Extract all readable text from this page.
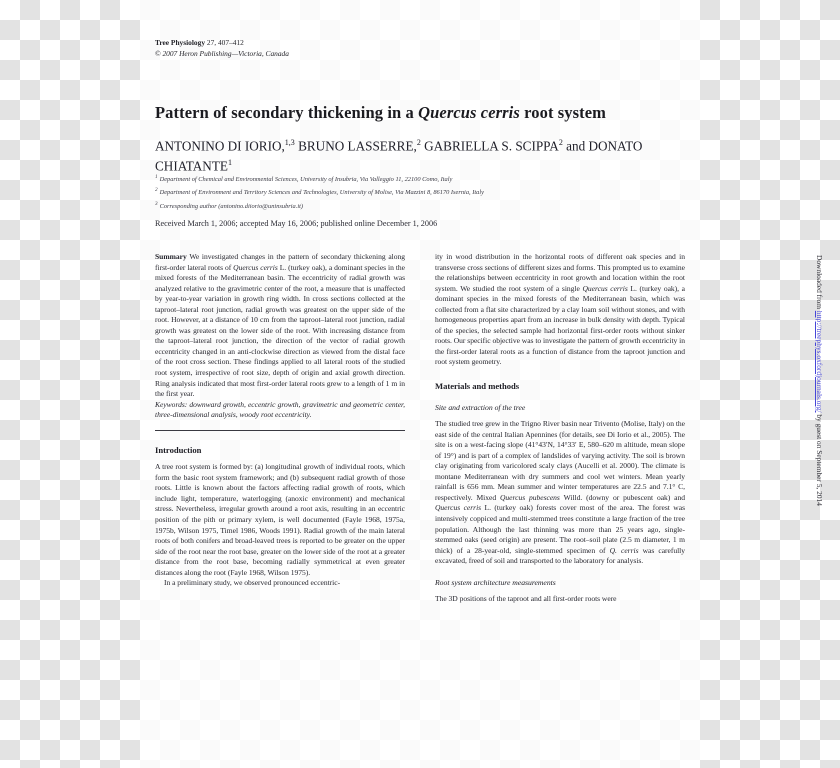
Tree Physiology 27, 407–412
© 2007 Heron Publishing—Victoria, Canada
Pattern of secondary thickening in a Quercus cerris root system
ANTONINO DI IORIO,$^{1,3}$ BRUNO LASSERRE,$^2$ GABRIELLA S. SCIPPA$^2$ and DONATO CHIATANTE$^1$
$^1$ Department of Chemical and Environmental Sciences, University of Insubria, Via Valleggio 11, 22100 Como, Italy
$^2$ Department of Environment and Territory Sciences and Technologies, University of Molise, Via Mazzini 8, 86170 Isernia, Italy
$^3$ Corresponding author (antonino.diiorio@uninsubria.it)
Received March 1, 2006; accepted May 16, 2006; published online December 1, 2006

Summary We investigated changes in the pattern of secondary thickening along first-order lateral roots of Quercus cerris L. (turkey oak), a dominant species in the mixed forests of the Mediterranean basin. The eccentricity of radial growth was analyzed relative to the gravimetric center of the root, a measure that is unaffected by year-to-year variation in growth ring width. In cross sections collected at the taproot–lateral root junction, radial growth was greatest on the upper side of the root. However, at a distance of 10 cm from the taproot–lateral root junction, radial growth was greatest on the lower side of the root. With increasing distance from the taproot–lateral root junction, the direction of the vector of radial growth eccentricity changed in an anti-clockwise direction as viewed from the distal face of the root cross section. These findings applied to all lateral roots of the studied root system, irrespective of root size, depth of origin and axial growth direction. Ring analysis indicated that most first-order lateral roots grew to a length of 1 m in the first year.

Keywords: downward growth, eccentric growth, gravimetric and geometric center, three-dimensional analysis, woody root eccentricity.

Introduction

A tree root system is formed by: (a) longitudinal growth of individual roots, which form the basic root system framework; and (b) subsequent radial growth of those roots. Little is known about the factors affecting radial growth of roots, which include light, temperature, waterlogging (anoxic environment) and mechanical stress. Nevertheless, irregular growth around a root axis, resulting in an eccentric position of the pith or primary xylem, is well documented (Fayle 1968, 1975a, 1975b, Wilson 1975, Timel 1986, Woods 1991). Radial growth of the main lateral roots of both conifers and broad-leaved trees is reported to be greater on the upper side of the root near the root base, greater on the lower side of the root at a greater distance from the root base, becoming radially symmetrical at even greater distances along the root (Fayle 1968, Wilson 1975).

In a preliminary study, we observed pronounced eccentric-

ity in wood distribution in the horizontal roots of different oak species and in transverse cross sections of different sizes and forms. This prompted us to examine the relationships between eccentricity in root growth and location within the root system. We studied the root system of a single Quercus cerris L. (turkey oak), a dominant species in the mixed forests of the Mediterranean basin, which was collected from a flat site characterized by a clay loam soil without stones, and with homogeneous properties apart from an increase in bulk density with depth. Typical of the species, the selected sample had horizontal first-order roots without sinker roots. Our specific objective was to investigate the pattern of growth eccentricity in the first-order lateral roots as a function of distance from the taproot junction and root system geometry.

Materials and methods
Site and extraction of the tree

The studied tree grew in the Trigno River basin near Trivento (Molise, Italy) on the east side of the central Italian Apennines (for details, see Di Iorio et al., 2005). The site is on a west-facing slope (41°43′N, 14°33′ E, 580–620 m altitude, mean slope of 19°) and is part of a complex of landslides of varying activity. The soil is brown clay originating from varicolored scaly clays (Aucelli et al. 2000). The climate is montane Mediterranean with dry summers and cool wet winters. Mean yearly rainfall is 656 mm. Mean summer and winter temperatures are 22.5 and 7.1° C, respectively. Mixed Quercus pubescens Willd. (downy or pubescent oak) and Quercus cerris L. (turkey oak) forests cover most of the area. The forest was intensively coppiced and multi-stemmed trees constitute a large fraction of the tree population. Although the last thinning was more than 25 years ago, single-stemmed oaks (seed origin) are present. The root–soil plate (2.5 m diameter, 1 m thick) of a 28-year-old, single-stemmed specimen of Q. cerris was carefully excavated, freed of soil and transported to the laboratory for analysis.

Root system architecture measurements

The 3D positions of the taproot and all first-order roots were

Downloaded from http://treephys.oxfordjournals.org/ by guest on September 5, 2014
